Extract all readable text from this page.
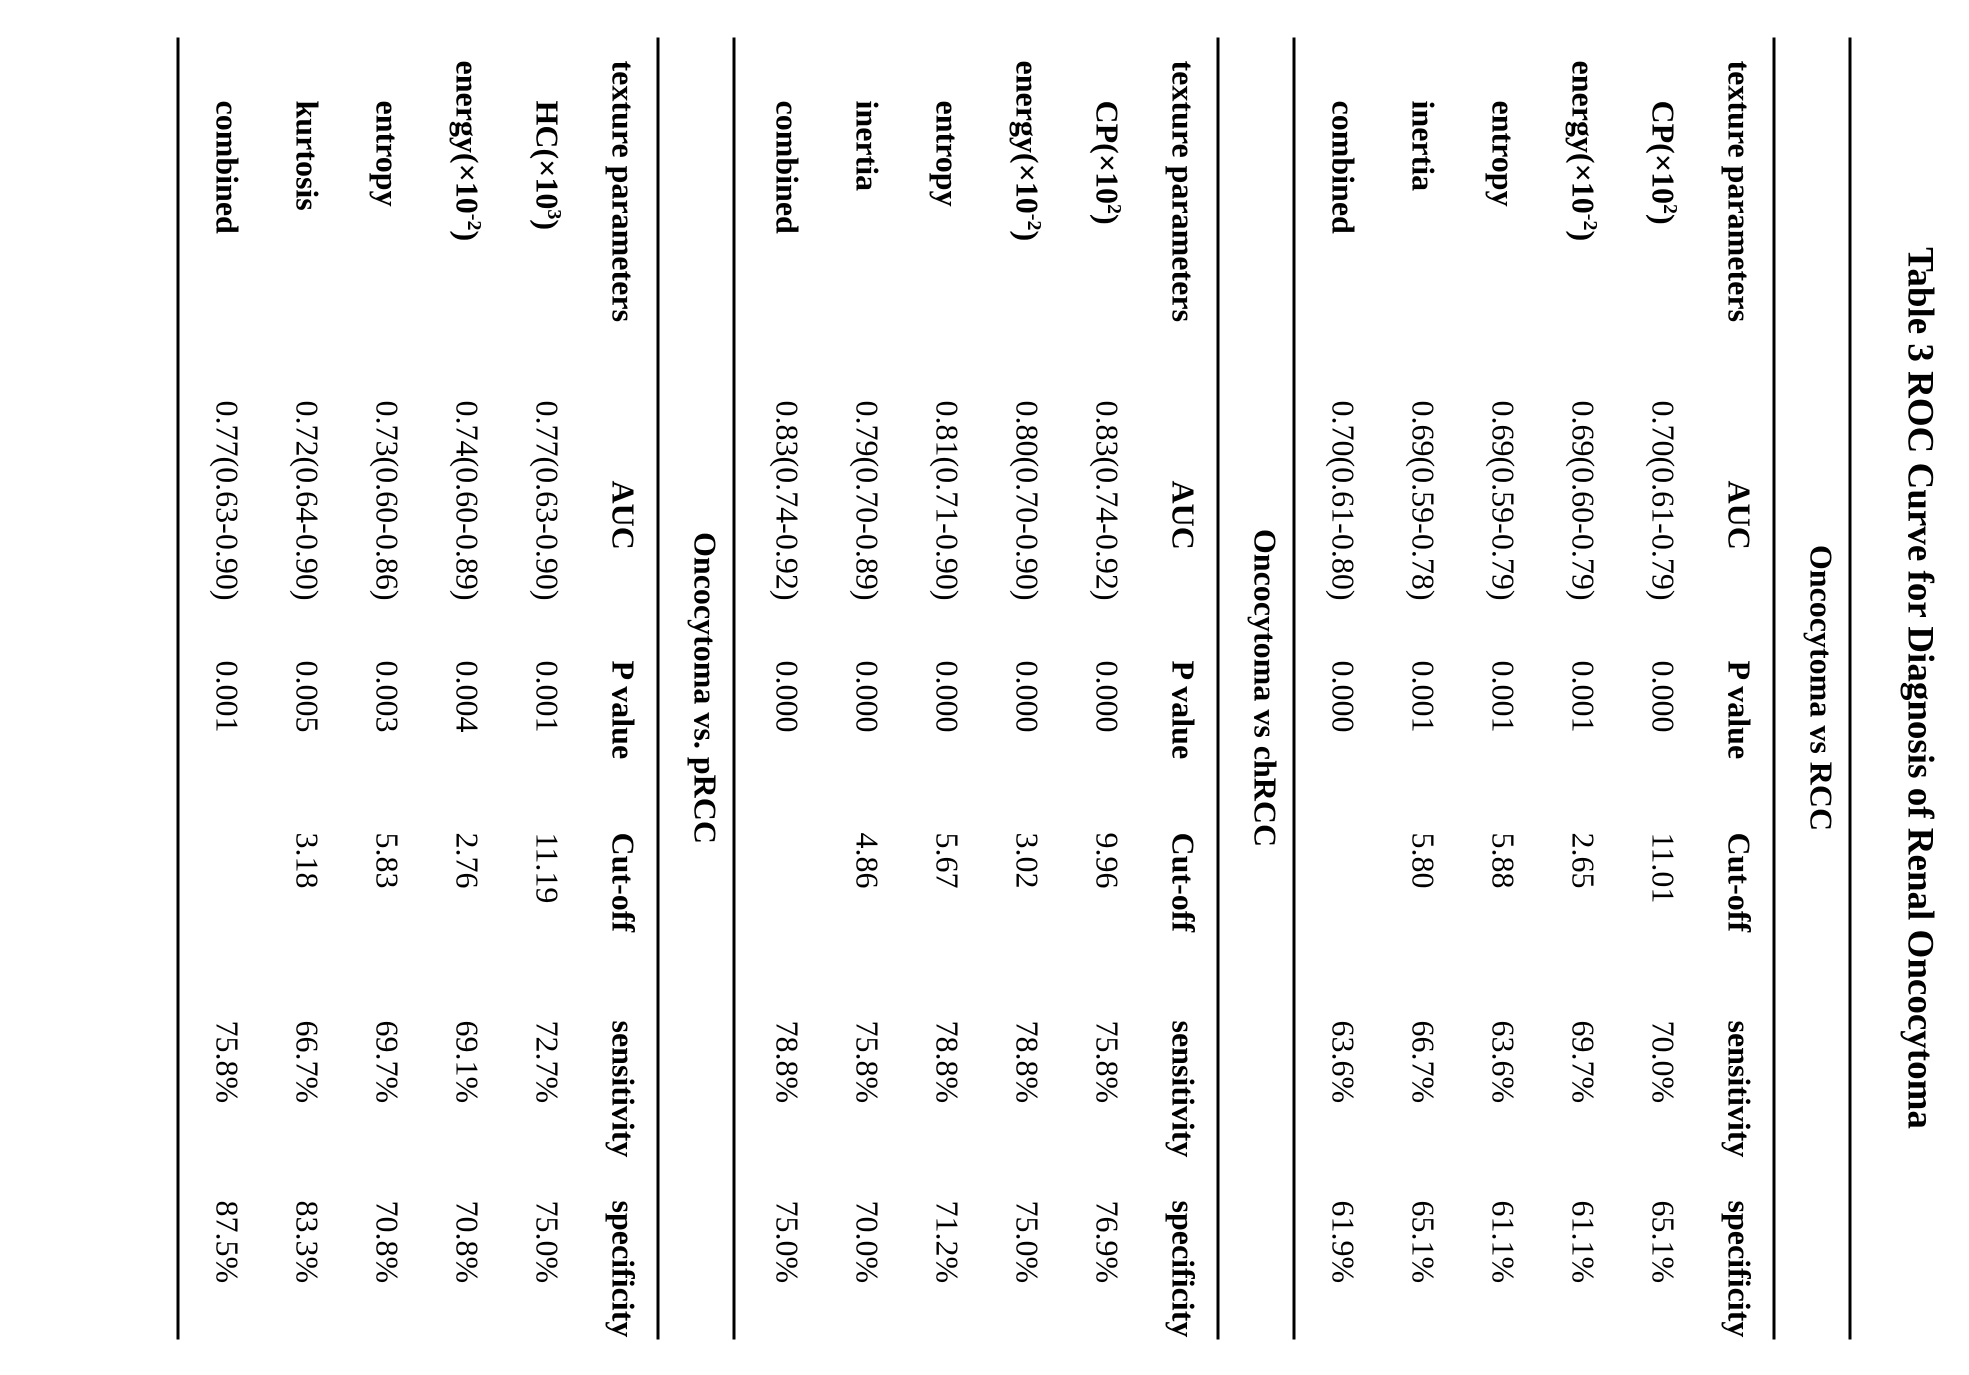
Table 3 ROC Curve for Diagnosis of Renal Oncocytoma
Oncocytoma vs RCC
texture parameters
AUC
P value
Cut-off
sensitivity
specificity
$CP(\times 10^2)$
0.70(0.61-0.79)
0.000
11.01
70.0%
65.1%
$energy(\times 10^{-2})$
0.69(0.60-0.79)
0.001
2.65
69.7%
61.1%
entropy
0.69(0.59-0.79)
0.001
5.88
63.6%
61.1%
inertia
0.69(0.59-0.78)
0.001
5.80
66.7%
65.1%
combined
0.70(0.61-0.80)
0.000
63.6%
61.9%
Oncocytoma vs chRCC
texture parameters
AUC
P value
Cut-off
sensitivity
specificity
$CP(\times 10^2)$
0.83(0.74-0.92)
0.000
9.96
75.8%
76.9%
$energy(\times 10^{-2})$
0.80(0.70-0.90)
0.000
3.02
78.8%
75.0%
entropy
0.81(0.71-0.90)
0.000
5.67
78.8%
71.2%
inertia
0.79(0.70-0.89)
0.000
4.86
75.8%
70.0%
combined
0.83(0.74-0.92)
0.000
78.8%
75.0%
Oncocytoma vs. pRCC
texture parameters
AUC
P value
Cut-off
sensitivity
specificity
$HC(\times 10^3)$
0.77(0.63-0.90)
0.001
11.19
72.7%
75.0%
$energy(\times 10^{-2})$
0.74(0.60-0.89)
0.004
2.76
69.1%
70.8%
entropy
0.73(0.60-0.86)
0.003
5.83
69.7%
70.8%
kurtosis
0.72(0.64-0.90)
0.005
3.18
66.7%
83.3%
combined
0.77(0.63-0.90)
0.001
75.8%
87.5%
